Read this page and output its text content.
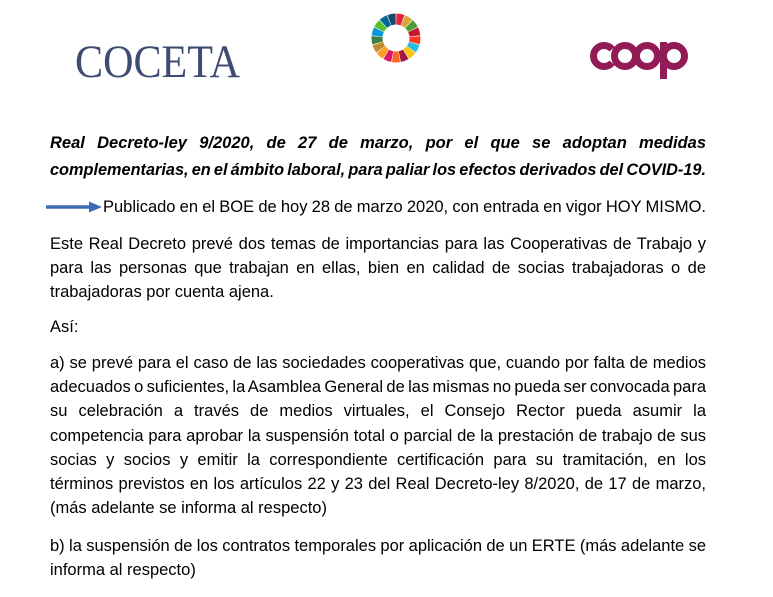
COCETA
Real Decreto-ley 9/2020, de 27 de marzo, por el que se adoptan medidas
complementarias, en el ámbito laboral, para paliar los efectos derivados del COVID-19.
Publicado en el BOE de hoy 28 de marzo 2020, con entrada en vigor HOY MISMO.
Este Real Decreto prevé dos temas de importancias para las Cooperativas de Trabajo y
para las personas que trabajan en ellas, bien en calidad de socias trabajadoras o de
trabajadoras por cuenta ajena.
Así:
a) se prevé para el caso de las sociedades cooperativas que, cuando por falta de medios
adecuados o suficientes, la Asamblea General de las mismas no pueda ser convocada para
su celebración a través de medios virtuales, el Consejo Rector pueda asumir la
competencia para aprobar la suspensión total o parcial de la prestación de trabajo de sus
socias y socios y emitir la correspondiente certificación para su tramitación, en los
términos previstos en los artículos 22 y 23 del Real Decreto-ley 8/2020, de 17 de marzo,
(más adelante se informa al respecto)
b) la suspensión de los contratos temporales por aplicación de un ERTE (más adelante se
informa al respecto)
